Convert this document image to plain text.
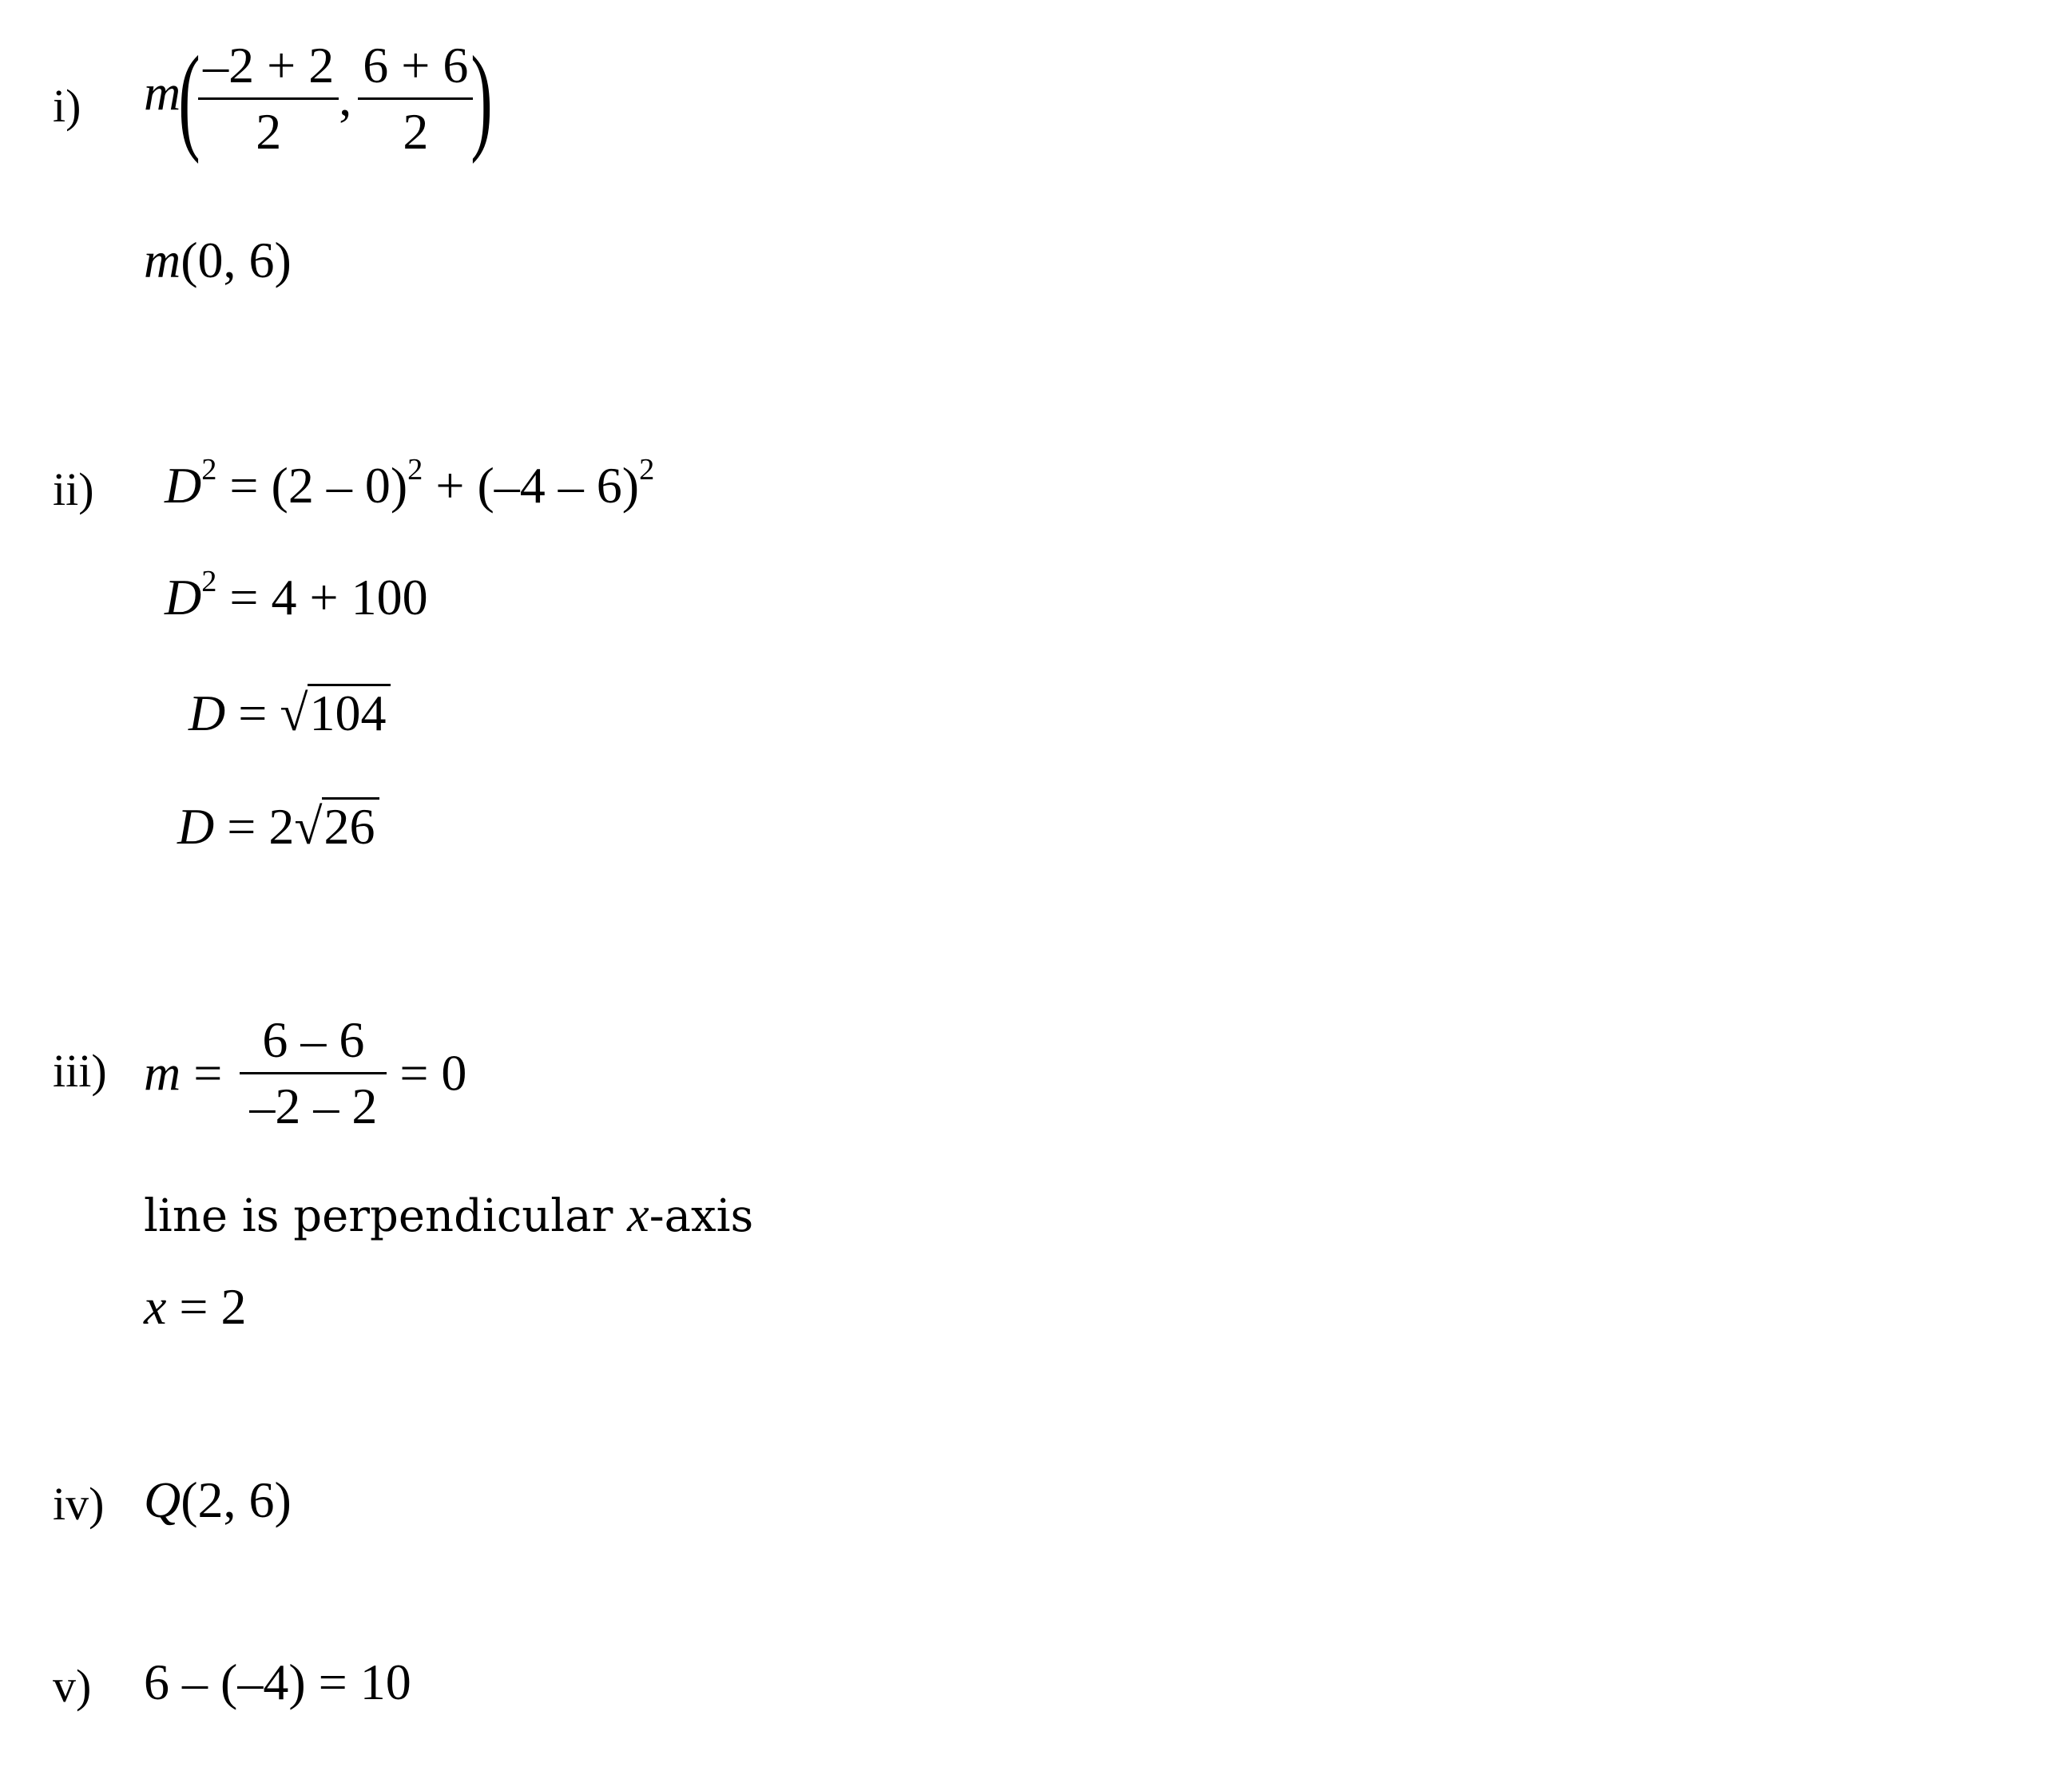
i) m(
$\frac{-2 + 2}{2}$ , $\frac{6 + 6}{2}$
)
m(0, 6)
ii) $D^2 = (2 - 0)^2 + (-4 - 6)^2$
$D^2 = 4 + 100$
D = √104
D = 2√26
iii) $m = \frac{6 - 6}{-2 - 2} = 0$
line is perpendicular x-axis
x = 2
iv) Q(2, 6)
v) 6 – (–4) = 10
